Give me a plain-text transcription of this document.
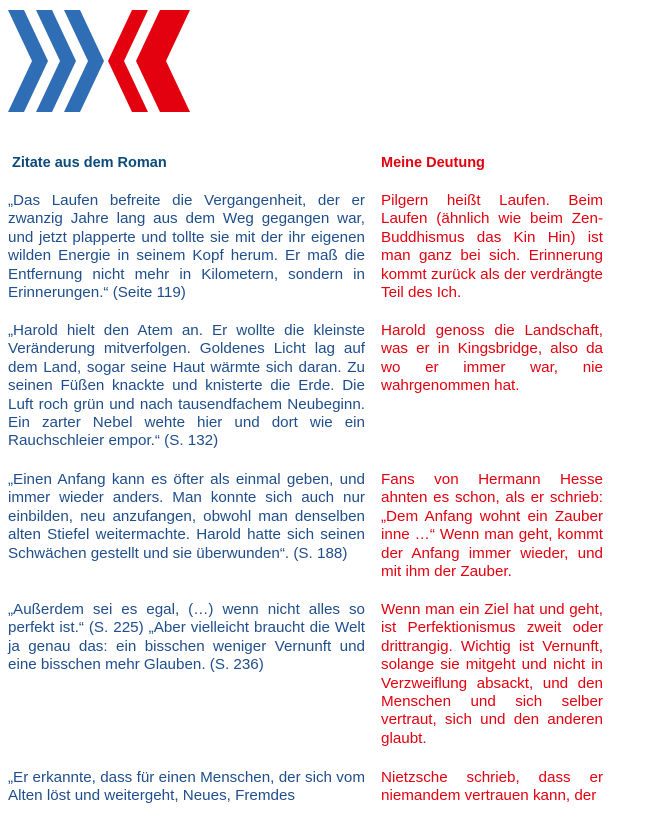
Zitate aus dem Roman	Meine Deutung
„Das Laufen befreite die Vergangenheit, der er zwanzig Jahre lang aus dem Weg gegangen war, und jetzt plapperte und tollte sie mit der ihr eigenen wilden Energie in seinem Kopf herum. Er maß die Entfernung nicht mehr in Kilometern, sondern in Erinnerungen.“ (Seite 119)
Pilgern heißt Laufen. Beim Laufen (ähnlich wie beim Zen-Buddhismus das Kin Hin) ist man ganz bei sich. Erinnerung kommt zurück als der verdrängte Teil des Ich.
„Harold hielt den Atem an. Er wollte die kleinste Veränderung mitverfolgen. Goldenes Licht lag auf dem Land, sogar seine Haut wärmte sich daran. Zu seinen Füßen knackte und knisterte die Erde. Die Luft roch grün und nach tausendfachem Neubeginn. Ein zarter Nebel wehte hier und dort wie ein Rauchschleier empor.“ (S. 132)
Harold genoss die Landschaft, was er in Kingsbridge, also da wo er immer war, nie wahrgenommen hat.
„Einen Anfang kann es öfter als einmal geben, und immer wieder anders. Man konnte sich auch nur einbilden, neu anzufangen, obwohl man denselben alten Stiefel weitermachte. Harold hatte sich seinen Schwächen gestellt und sie überwunden“. (S. 188)
Fans von Hermann Hesse ahnten es schon, als er schrieb: „Dem Anfang wohnt ein Zauber inne …“ Wenn man geht, kommt der Anfang immer wieder, und mit ihm der Zauber.
„Außerdem sei es egal, (…) wenn nicht alles so perfekt ist.“ (S. 225) „Aber vielleicht braucht die Welt ja genau das: ein bisschen weniger Vernunft und eine bisschen mehr Glauben. (S. 236)
Wenn man ein Ziel hat und geht, ist Perfektionismus zweit oder drittrangig. Wichtig ist Vernunft, solange sie mitgeht und nicht in Verzweiflung absackt, und den Menschen und sich selber vertraut, sich und den anderen glaubt.
„Er erkannte, dass für einen Menschen, der sich vom Alten löst und weitergeht, Neues, Fremdes
Nietzsche schrieb, dass er niemandem vertrauen kann, der
